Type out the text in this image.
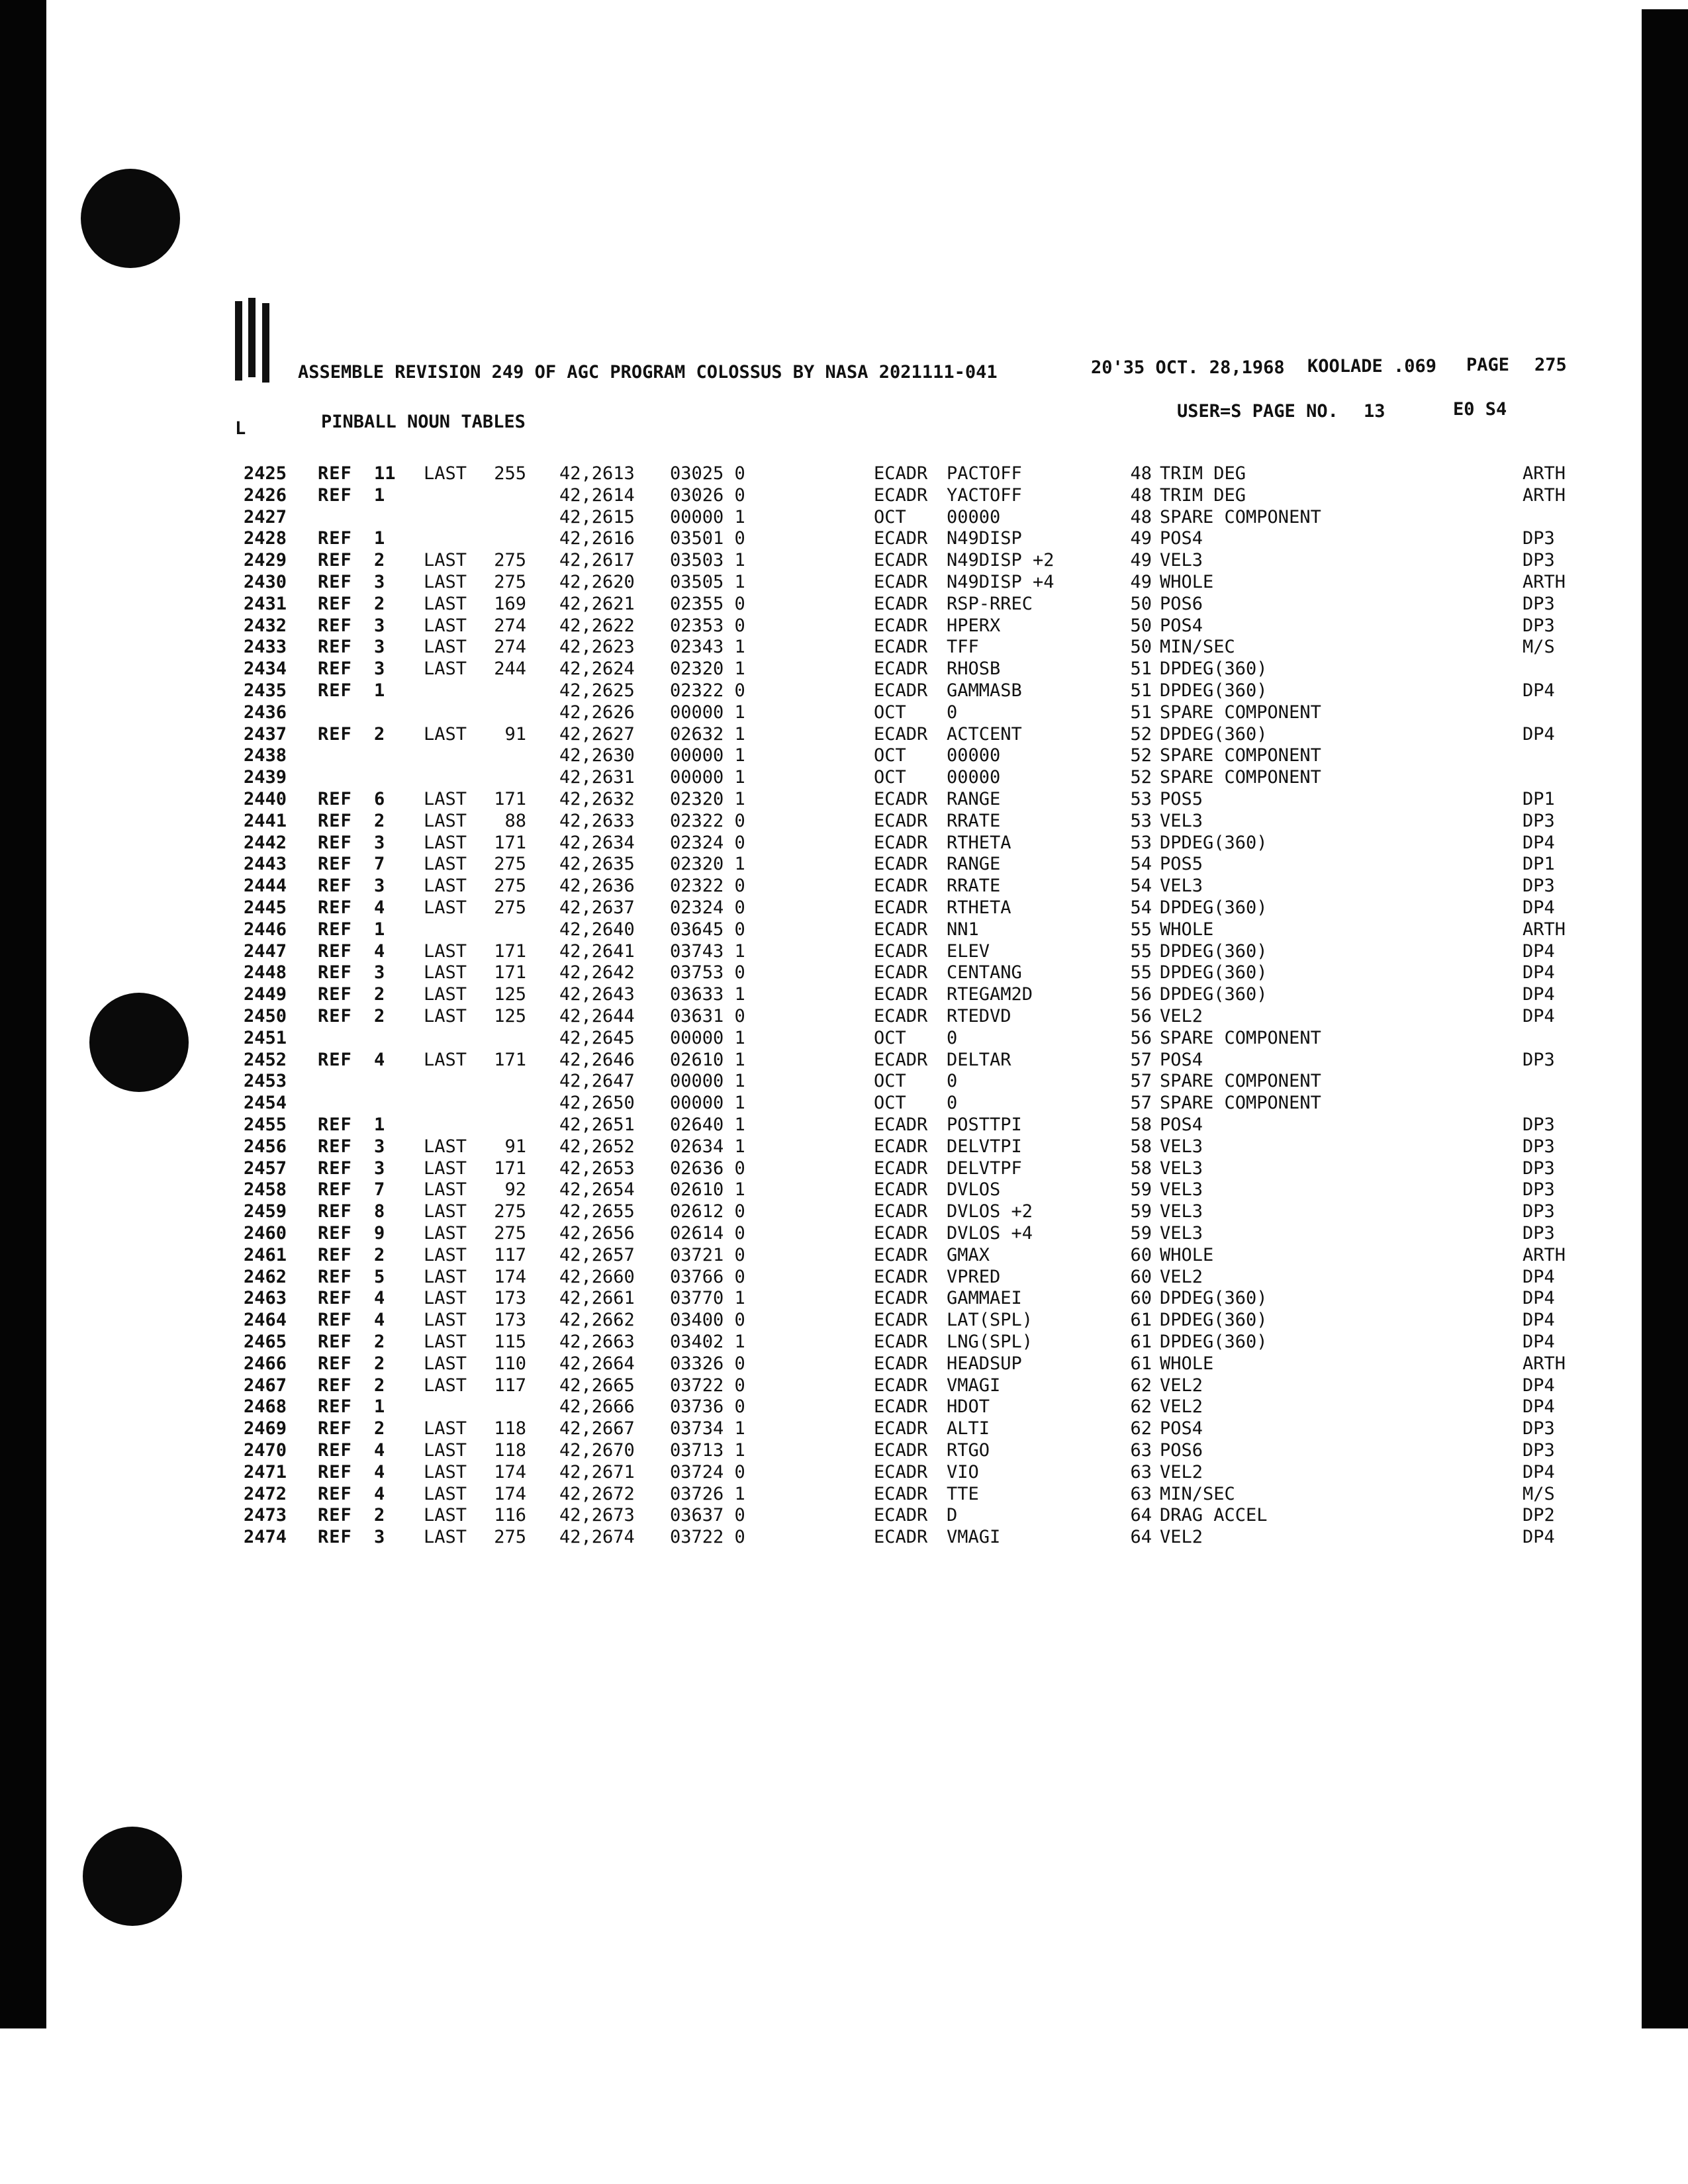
ASSEMBLE REVISION 249 OF AGC PROGRAM COLOSSUS BY NASA 2021111-041	20'35 OCT. 28,1968 KOOLADE .069 PAGE 275
L	PINBALL NOUN TABLES
USER=S PAGE NO. 13	E0 S4
2425 REF 11 LAST 255 42,2613 03025 0	ECADR PACTOFF	48 TRIM DEG	ARTH
2426 REF 1	42,2614 03026 0	ECADR YACTOFF	48 TRIM DEG	ARTH
2427	42,2615 00000 1	OCT 00000	48 SPARE COMPONENT
2428 REF 1	42,2616 03501 0	ECADR N49DISP	49 POS4	DP3
2429 REF 2 LAST 275 42,2617 03503 1	ECADR N49DISP +2	49 VEL3	DP3
2430 REF 3 LAST 275 42,2620 03505 1	ECADR N49DISP +4	49 WHOLE	ARTH
2431 REF 2 LAST 169 42,2621 02355 0	ECADR RSP-RREC	50 POS6	DP3
2432 REF 3 LAST 274 42,2622 02353 0	ECADR HPERX	50 POS4	DP3
2433 REF 3 LAST 274 42,2623 02343 1	ECADR TFF	50 MIN/SEC	M/S
2434 REF 3 LAST 244 42,2624 02320 1	ECADR RHOSB	51 DPDEG(360)
2435 REF 1	42,2625 02322 0	ECADR GAMMASB	51 DPDEG(360)	DP4
2436	42,2626 00000 1	OCT 0	51 SPARE COMPONENT
2437 REF 2 LAST	91 42,2627 02632 1	ECADR ACTCENT	52 DPDEG(360)	DP4
2438	42,2630 00000 1	OCT 00000	52 SPARE COMPONENT
2439	42,2631 00000 1	OCT 00000	52 SPARE COMPONENT
2440 REF 6 LAST 171 42,2632 02320 1	ECADR RANGE	53 POS5	DP1
2441 REF 2 LAST	88 42,2633 02322 0	ECADR RRATE	53 VEL3	DP3
2442 REF 3 LAST 171 42,2634 02324 0	ECADR RTHETA	53 DPDEG(360)	DP4
2443 REF 7 LAST 275 42,2635 02320 1	ECADR RANGE	54 POS5	DP1
2444 REF 3 LAST 275 42,2636 02322 0	ECADR RRATE	54 VEL3	DP3
2445 REF 4 LAST 275 42,2637 02324 0	ECADR RTHETA	54 DPDEG(360)	DP4
2446 REF 1	42,2640 03645 0	ECADR NN1	55 WHOLE	ARTH
2447 REF 4 LAST 171 42,2641 03743 1	ECADR ELEV	55 DPDEG(360)	DP4
2448 REF 3 LAST 171 42,2642 03753 0	ECADR CENTANG	55 DPDEG(360)	DP4
2449 REF 2 LAST 125 42,2643 03633 1	ECADR RTEGAM2D	56 DPDEG(360)	DP4
2450 REF 2 LAST 125 42,2644 03631 0	ECADR RTEDVD	56 VEL2	DP4
2451	42,2645 00000 1	OCT 0	56 SPARE COMPONENT
2452 REF 4 LAST 171 42,2646 02610 1	ECADR DELTAR	57 POS4	DP3
2453	42,2647 00000 1	OCT 0	57 SPARE COMPONENT
2454	42,2650 00000 1	OCT 0	57 SPARE COMPONENT
2455 REF 1	42,2651 02640 1	ECADR POSTTPI	58 POS4	DP3
2456 REF 3 LAST	91 42,2652 02634 1	ECADR DELVTPI	58 VEL3	DP3
2457 REF 3 LAST 171 42,2653 02636 0	ECADR DELVTPF	58 VEL3	DP3
2458 REF 7 LAST	92 42,2654 02610 1	ECADR DVLOS	59 VEL3	DP3
2459 REF 8 LAST 275 42,2655 02612 0	ECADR DVLOS +2	59 VEL3	DP3
2460 REF 9 LAST 275 42,2656 02614 0	ECADR DVLOS +4	59 VEL3	DP3
2461 REF 2 LAST 117 42,2657 03721 0	ECADR GMAX	60 WHOLE	ARTH
2462 REF 5 LAST 174 42,2660 03766 0	ECADR VPRED	60 VEL2	DP4
2463 REF 4 LAST 173 42,2661 03770 1	ECADR GAMMAEI	60 DPDEG(360)	DP4
2464 REF 4 LAST 173 42,2662 03400 0	ECADR LAT(SPL)	61 DPDEG(360)	DP4
2465 REF 2 LAST 115 42,2663 03402 1	ECADR LNG(SPL)	61 DPDEG(360)	DP4
2466 REF 2 LAST 110 42,2664 03326 0	ECADR HEADSUP	61 WHOLE	ARTH
2467 REF 2 LAST 117 42,2665 03722 0	ECADR VMAGI	62 VEL2	DP4
2468 REF 1	42,2666 03736 0	ECADR HDOT	62 VEL2	DP4
2469 REF 2 LAST 118 42,2667 03734 1	ECADR ALTI	62 POS4	DP3
2470 REF 4 LAST 118 42,2670 03713 1	ECADR RTGO	63 POS6	DP3
2471 REF 4 LAST 174 42,2671 03724 0	ECADR VIO	63 VEL2	DP4
2472 REF 4 LAST 174 42,2672 03726 1	ECADR TTE	63 MIN/SEC	M/S
2473 REF 2 LAST 116 42,2673 03637 0	ECADR D	64 DRAG ACCEL	DP2
2474 REF 3 LAST 275 42,2674 03722 0	ECADR VMAGI	64 VEL2	DP4
